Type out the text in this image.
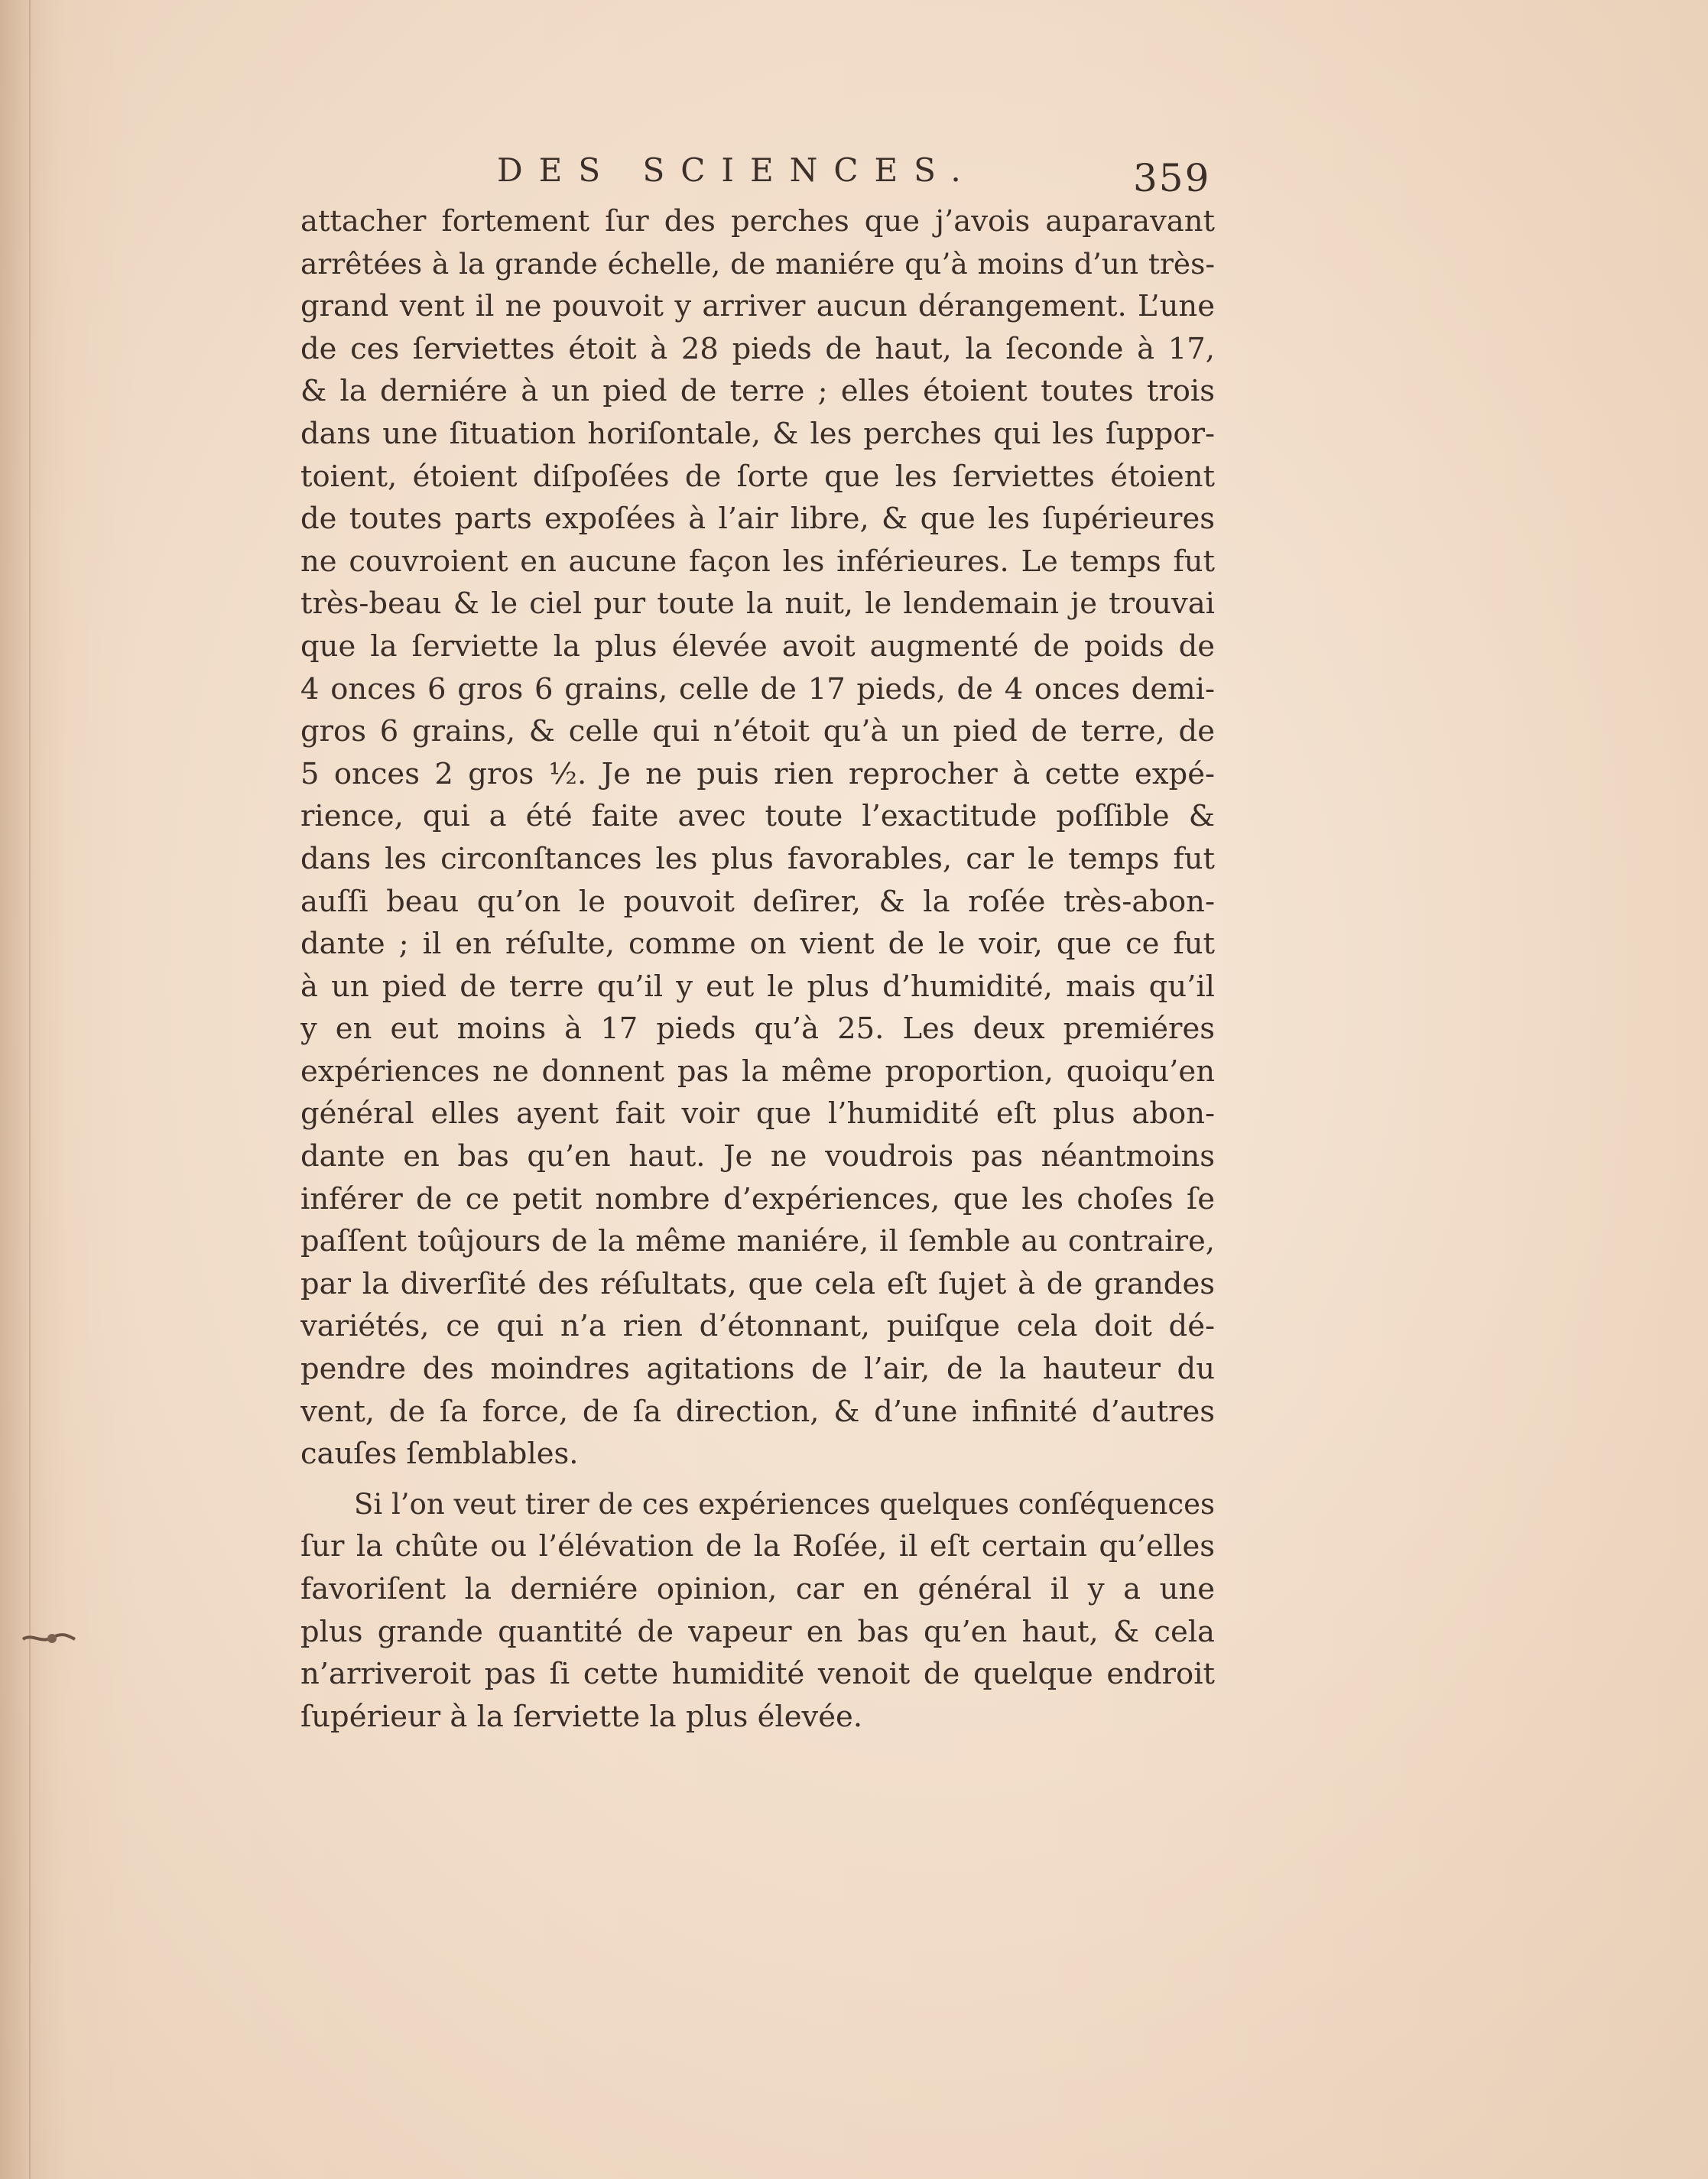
DES SCIENCES.	359
attacher fortement ſur des perches que j’avois auparavant
arrêtées à la grande échelle, de maniére qu’à moins d’un très-
grand vent il ne pouvoit y arriver aucun dérangement. L’une
de ces ſerviettes étoit à 28 pieds de haut, la ſeconde à 17,
& la derniére à un pied de terre ; elles étoient toutes trois
dans une ſituation horiſontale, & les perches qui les ſuppor-
toient, étoient diſpoſées de ſorte que les ſerviettes étoient
de toutes parts expoſées à l’air libre, & que les ſupérieures
ne couvroient en aucune façon les inférieures. Le temps fut
très-beau & le ciel pur toute la nuit, le lendemain je trouvai
que la ſerviette la plus élevée avoit augmenté de poids de
4 onces 6 gros 6 grains, celle de 17 pieds, de 4 onces demi-
gros 6 grains, & celle qui n’étoit qu’à un pied de terre, de
5 onces 2 gros ½. Je ne puis rien reprocher à cette expé-
rience, qui a été faite avec toute l’exactitude poſſible &
dans les circonſtances les plus favorables, car le temps fut
auſſi beau qu’on le pouvoit deſirer, & la roſée très-abon-
dante ; il en réſulte, comme on vient de le voir, que ce fut
à un pied de terre qu’il y eut le plus d’humidité, mais qu’il
y en eut moins à 17 pieds qu’à 25. Les deux premiéres
expériences ne donnent pas la même proportion, quoiqu’en
général elles ayent fait voir que l’humidité eſt plus abon-
dante en bas qu’en haut. Je ne voudrois pas néantmoins
inférer de ce petit nombre d’expériences, que les choſes ſe
paſſent toûjours de la même maniére, il ſemble au contraire,
par la diverſité des réſultats, que cela eſt ſujet à de grandes
variétés, ce qui n’a rien d’étonnant, puiſque cela doit dé-
pendre des moindres agitations de l’air, de la hauteur du
vent, de ſa force, de ſa direction, & d’une infinité d’autres
cauſes ſemblables.
Si l’on veut tirer de ces expériences quelques conſéquences
ſur la chûte ou l’élévation de la Roſée, il eſt certain qu’elles
favoriſent la derniére opinion, car en général il y a une
plus grande quantité de vapeur en bas qu’en haut, & cela
n’arriveroit pas ſi cette humidité venoit de quelque endroit
ſupérieur à la ſerviette la plus élevée.
